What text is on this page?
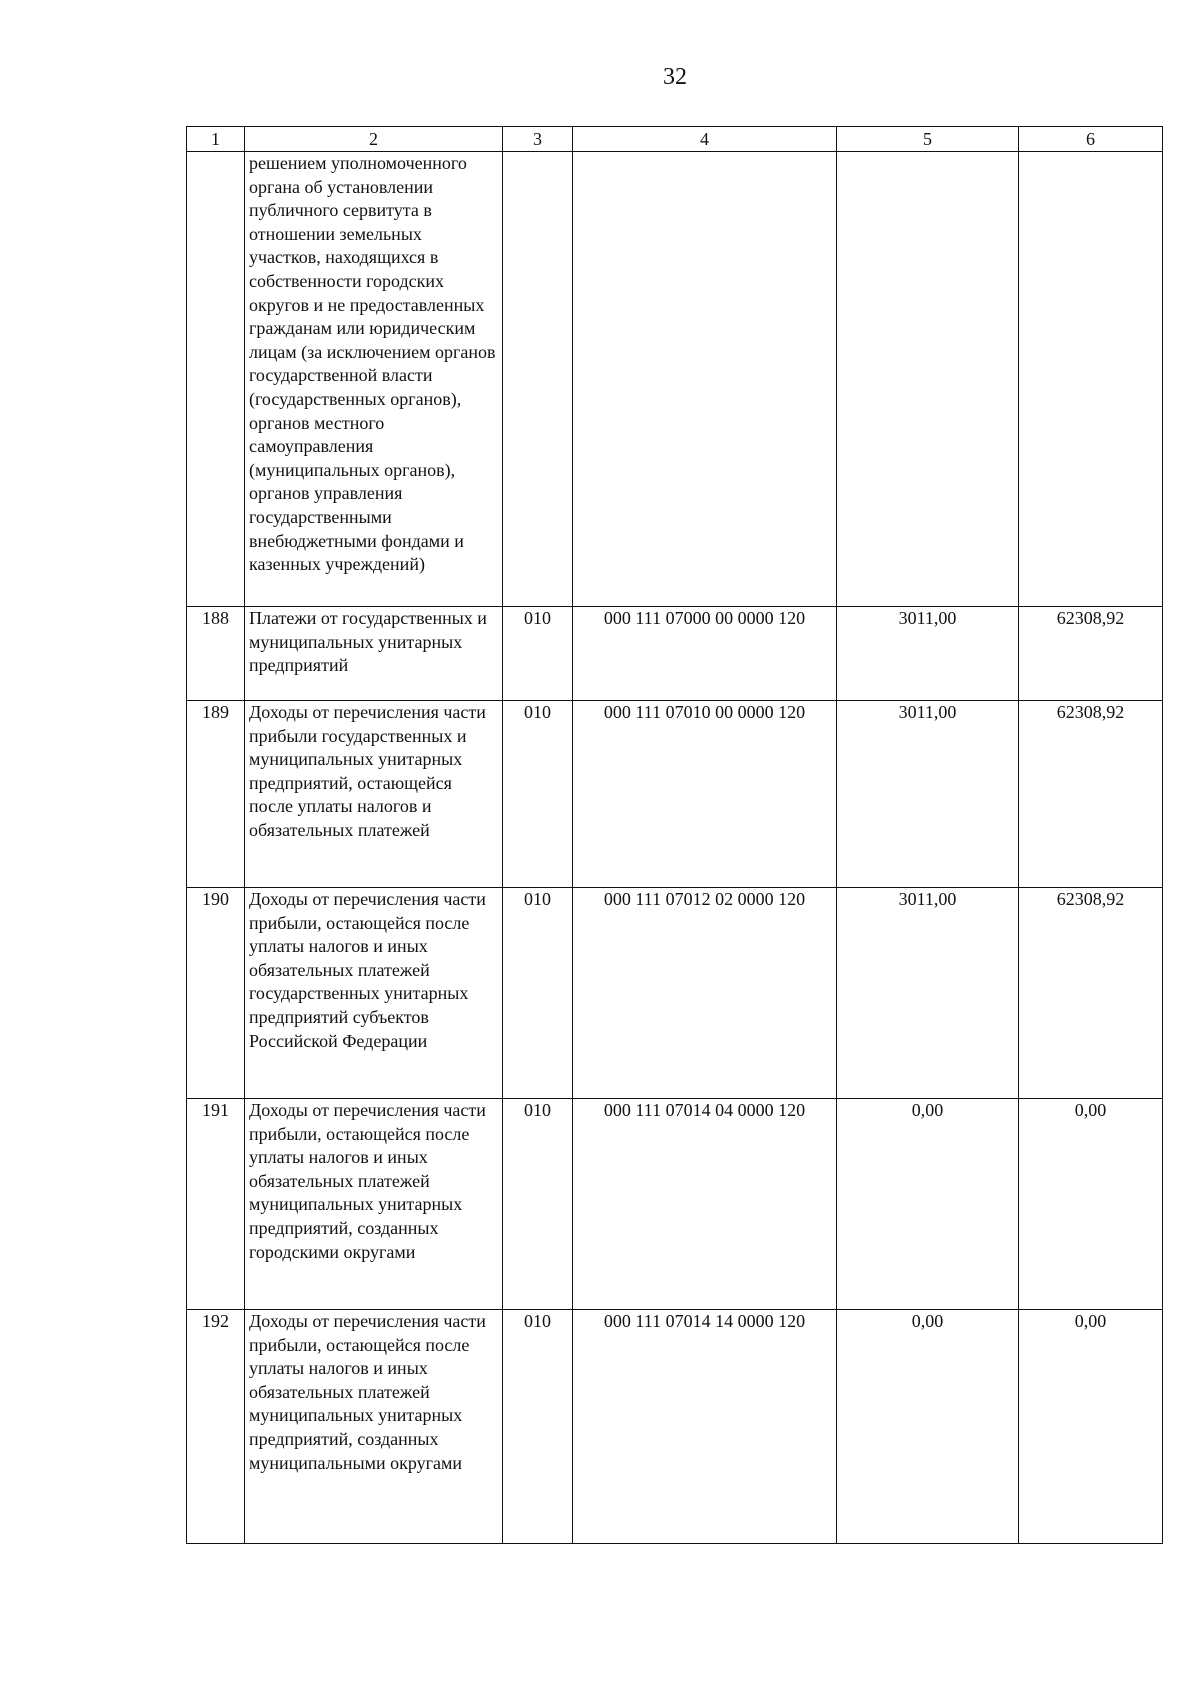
32
1	2	3	4	5	6
	решением уполномоченного органа об установлении публичного сервитута в отношении земельных участков, находящихся в собственности городских округов и не предоставленных гражданам или юридическим лицам (за исключением органов государственной власти (государственных органов), органов местного самоуправления (муниципальных органов), органов управления государственными внебюджетными фондами и казенных учреждений)				
188	Платежи от государственных и муниципальных унитарных предприятий	010	000 111 07000 00 0000 120	3011,00	62308,92
189	Доходы от перечисления части прибыли государственных и муниципальных унитарных предприятий, остающейся после уплаты налогов и обязательных платежей	010	000 111 07010 00 0000 120	3011,00	62308,92
190	Доходы от перечисления части прибыли, остающейся после уплаты налогов и иных обязательных платежей государственных унитарных предприятий субъектов Российской Федерации	010	000 111 07012 02 0000 120	3011,00	62308,92
191	Доходы от перечисления части прибыли, остающейся после уплаты налогов и иных обязательных платежей муниципальных унитарных предприятий, созданных городскими округами	010	000 111 07014 04 0000 120	0,00	0,00
192	Доходы от перечисления части прибыли, остающейся после уплаты налогов и иных обязательных платежей муниципальных унитарных предприятий, созданных муниципальными округами	010	000 111 07014 14 0000 120	0,00	0,00
